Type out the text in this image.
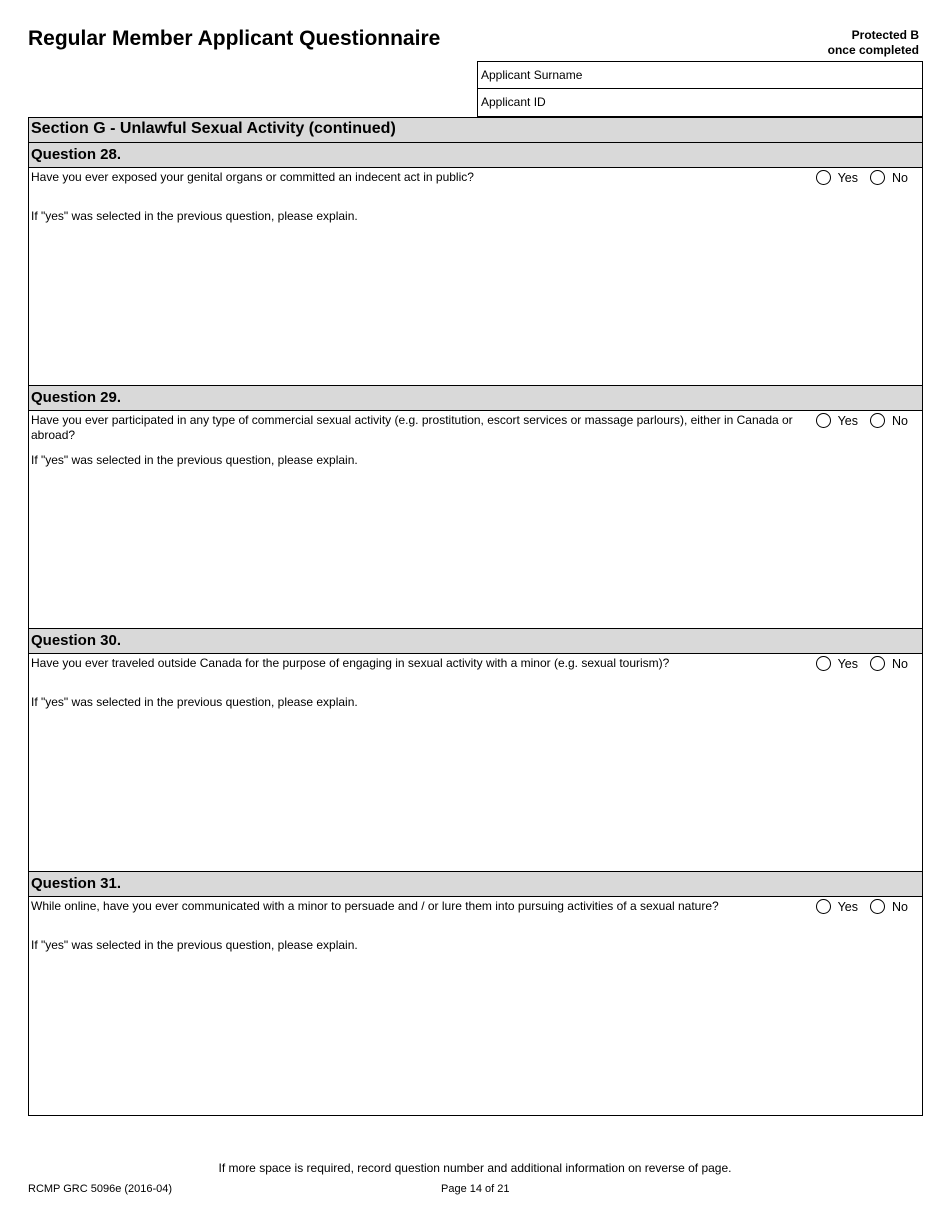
Regular Member Applicant Questionnaire	Protected B
once completed
Applicant Surname
Applicant ID
Section G - Unlawful Sexual Activity (continued)
Question 28.
Have you ever exposed your genital organs or committed an indecent act in public?	Yes	No
If "yes" was selected in the previous question, please explain.
Question 29.
Have you ever participated in any type of commercial sexual activity (e.g. prostitution, escort services or massage parlours), either in Canada or abroad?
Yes	No
If "yes" was selected in the previous question, please explain.
Question 30.
Have you ever traveled outside Canada for the purpose of engaging in sexual activity with a minor (e.g. sexual tourism)?	Yes	No
If "yes" was selected in the previous question, please explain.
Question 31.
While online, have you ever communicated with a minor to persuade and / or lure them into pursuing activities of a sexual nature?	Yes	No
If "yes" was selected in the previous question, please explain.
If more space is required, record question number and additional information on reverse of page.
RCMP GRC 5096e (2016-04)	Page 14 of 21
